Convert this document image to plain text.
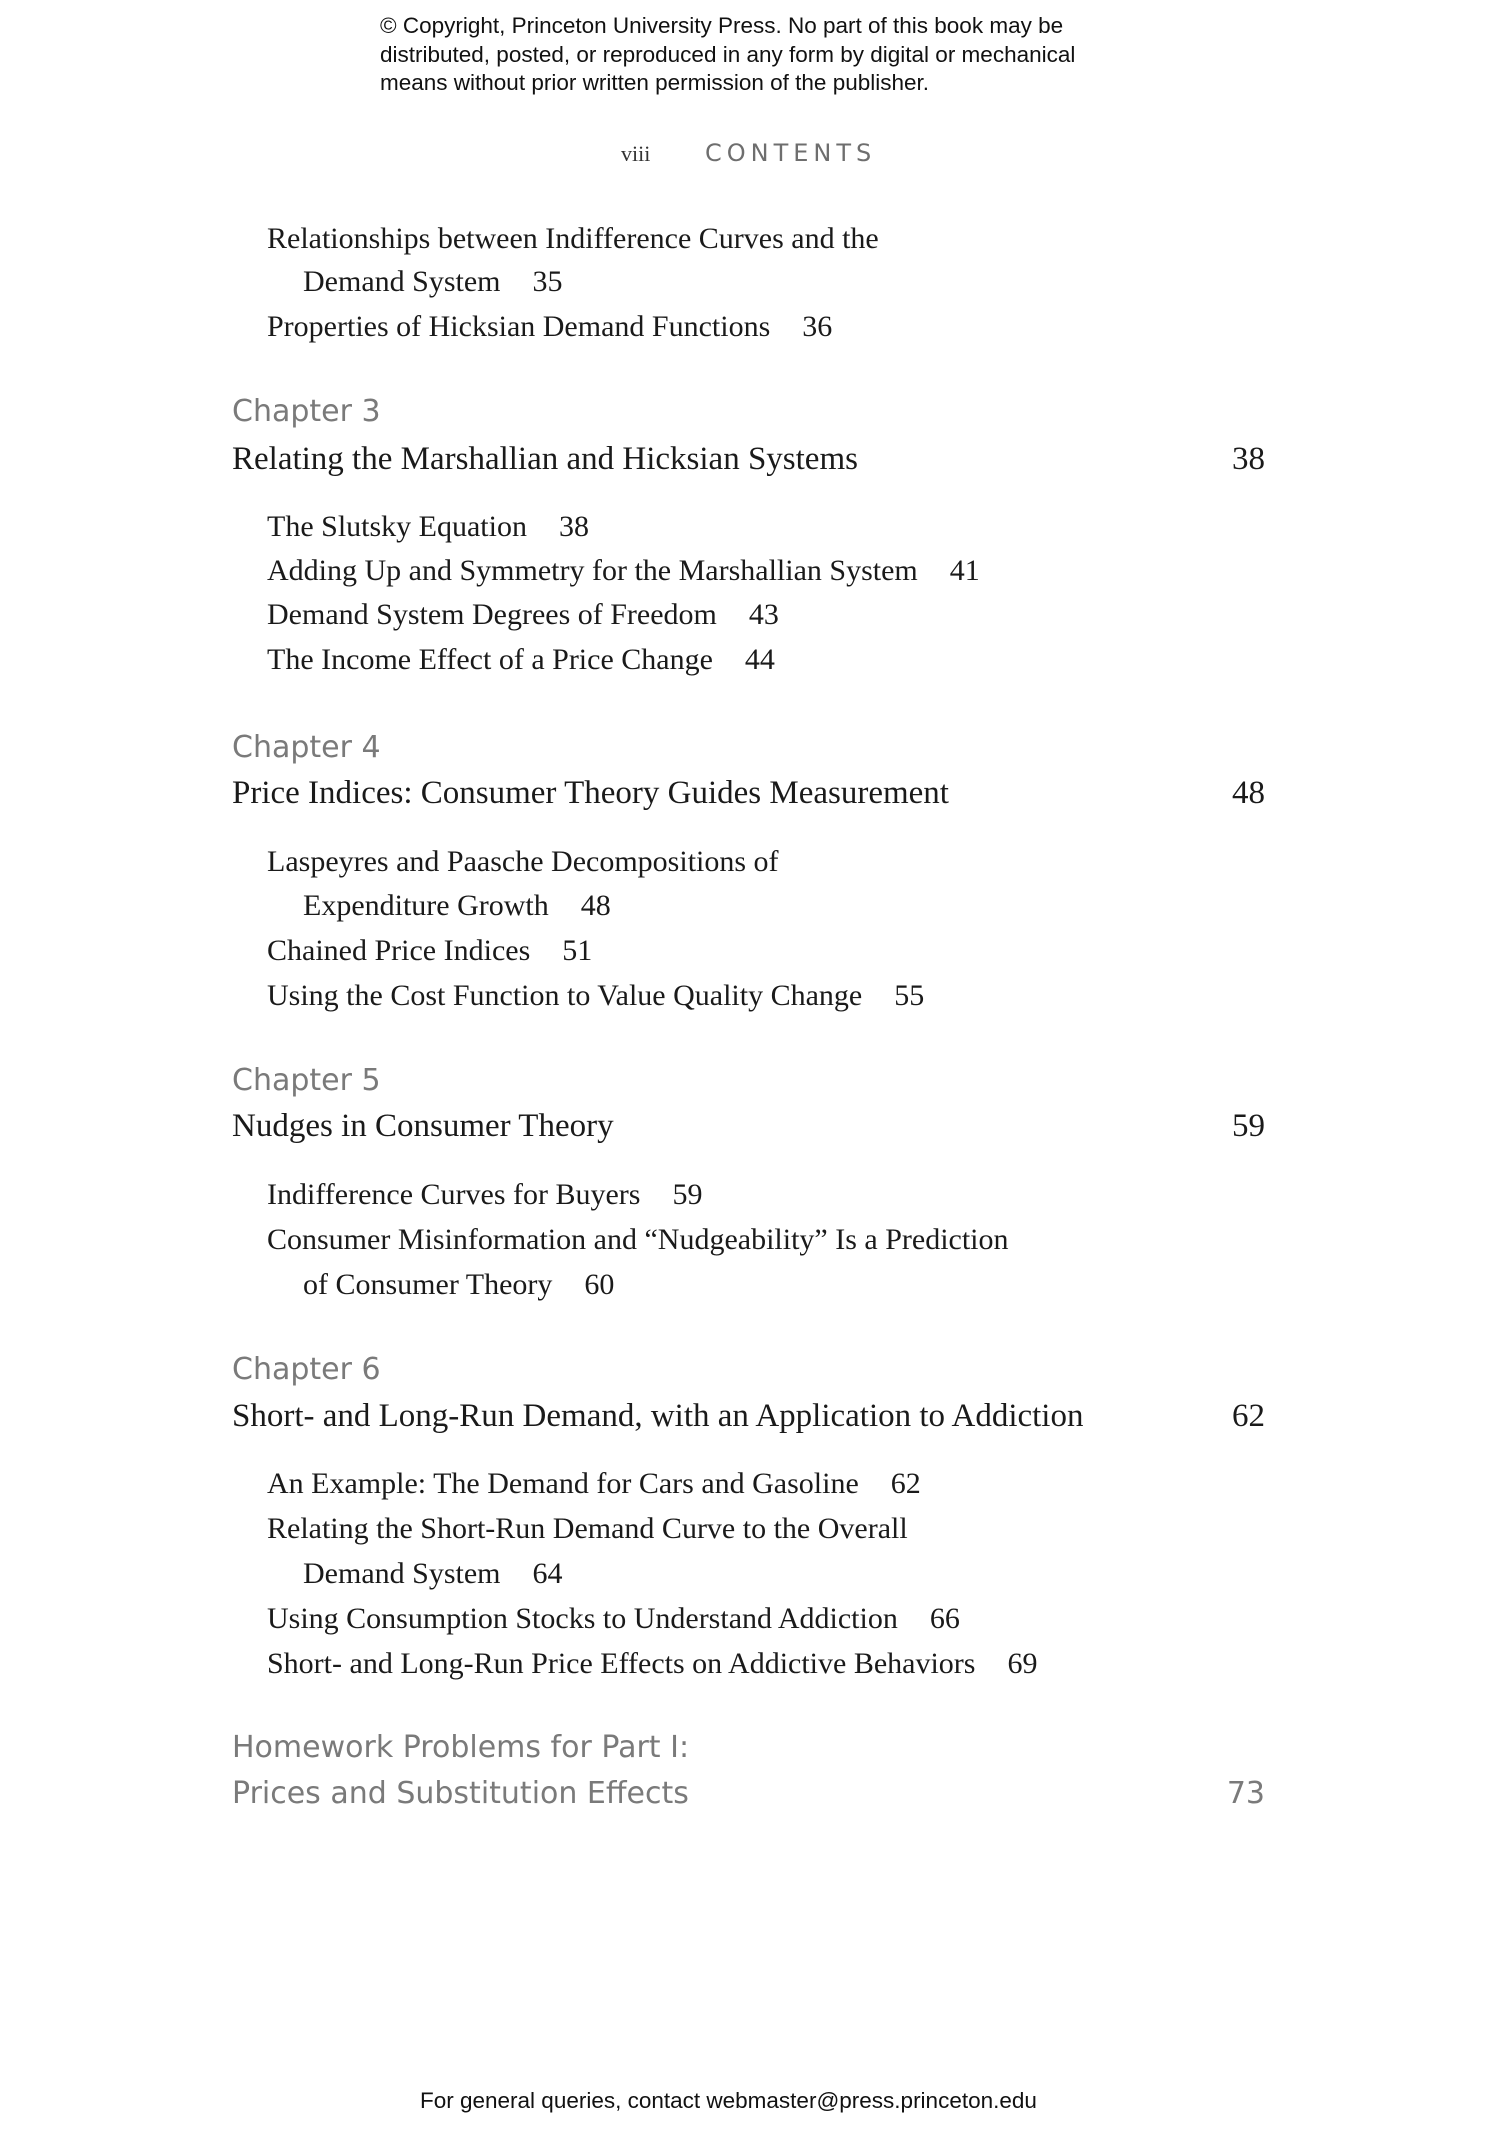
© Copyright, Princeton University Press. No part of this book may be
distributed, posted, or reproduced in any form by digital or mechanical
means without prior written permission of the publisher.
viii CONTENTS
Relationships between Indifference Curves and the
Demand System 35
Properties of Hicksian Demand Functions 36
Chapter 3
Relating the Marshallian and Hicksian Systems	38
The Slutsky Equation 38
Adding Up and Symmetry for the Marshallian System 41
Demand System Degrees of Freedom 43
The Income Effect of a Price Change 44
Chapter 4
Price Indices: Consumer Theory Guides Measurement	48
Laspeyres and Paasche Decompositions of
Expenditure Growth 48
Chained Price Indices 51
Using the Cost Function to Value Quality Change 55
Chapter 5
Nudges in Consumer Theory	59
Indifference Curves for Buyers 59
Consumer Misinformation and “Nudgeability” Is a Prediction
of Consumer Theory 60
Chapter 6
Short- and Long-Run Demand, with an Application to Addiction	62
An Example: The Demand for Cars and Gasoline 62
Relating the Short-Run Demand Curve to the Overall
Demand System 64
Using Consumption Stocks to Understand Addiction 66
Short- and Long-Run Price Effects on Addictive Behaviors 69
Homework Problems for Part I:
Prices and Substitution Effects	73
For general queries, contact webmaster@press.princeton.edu
